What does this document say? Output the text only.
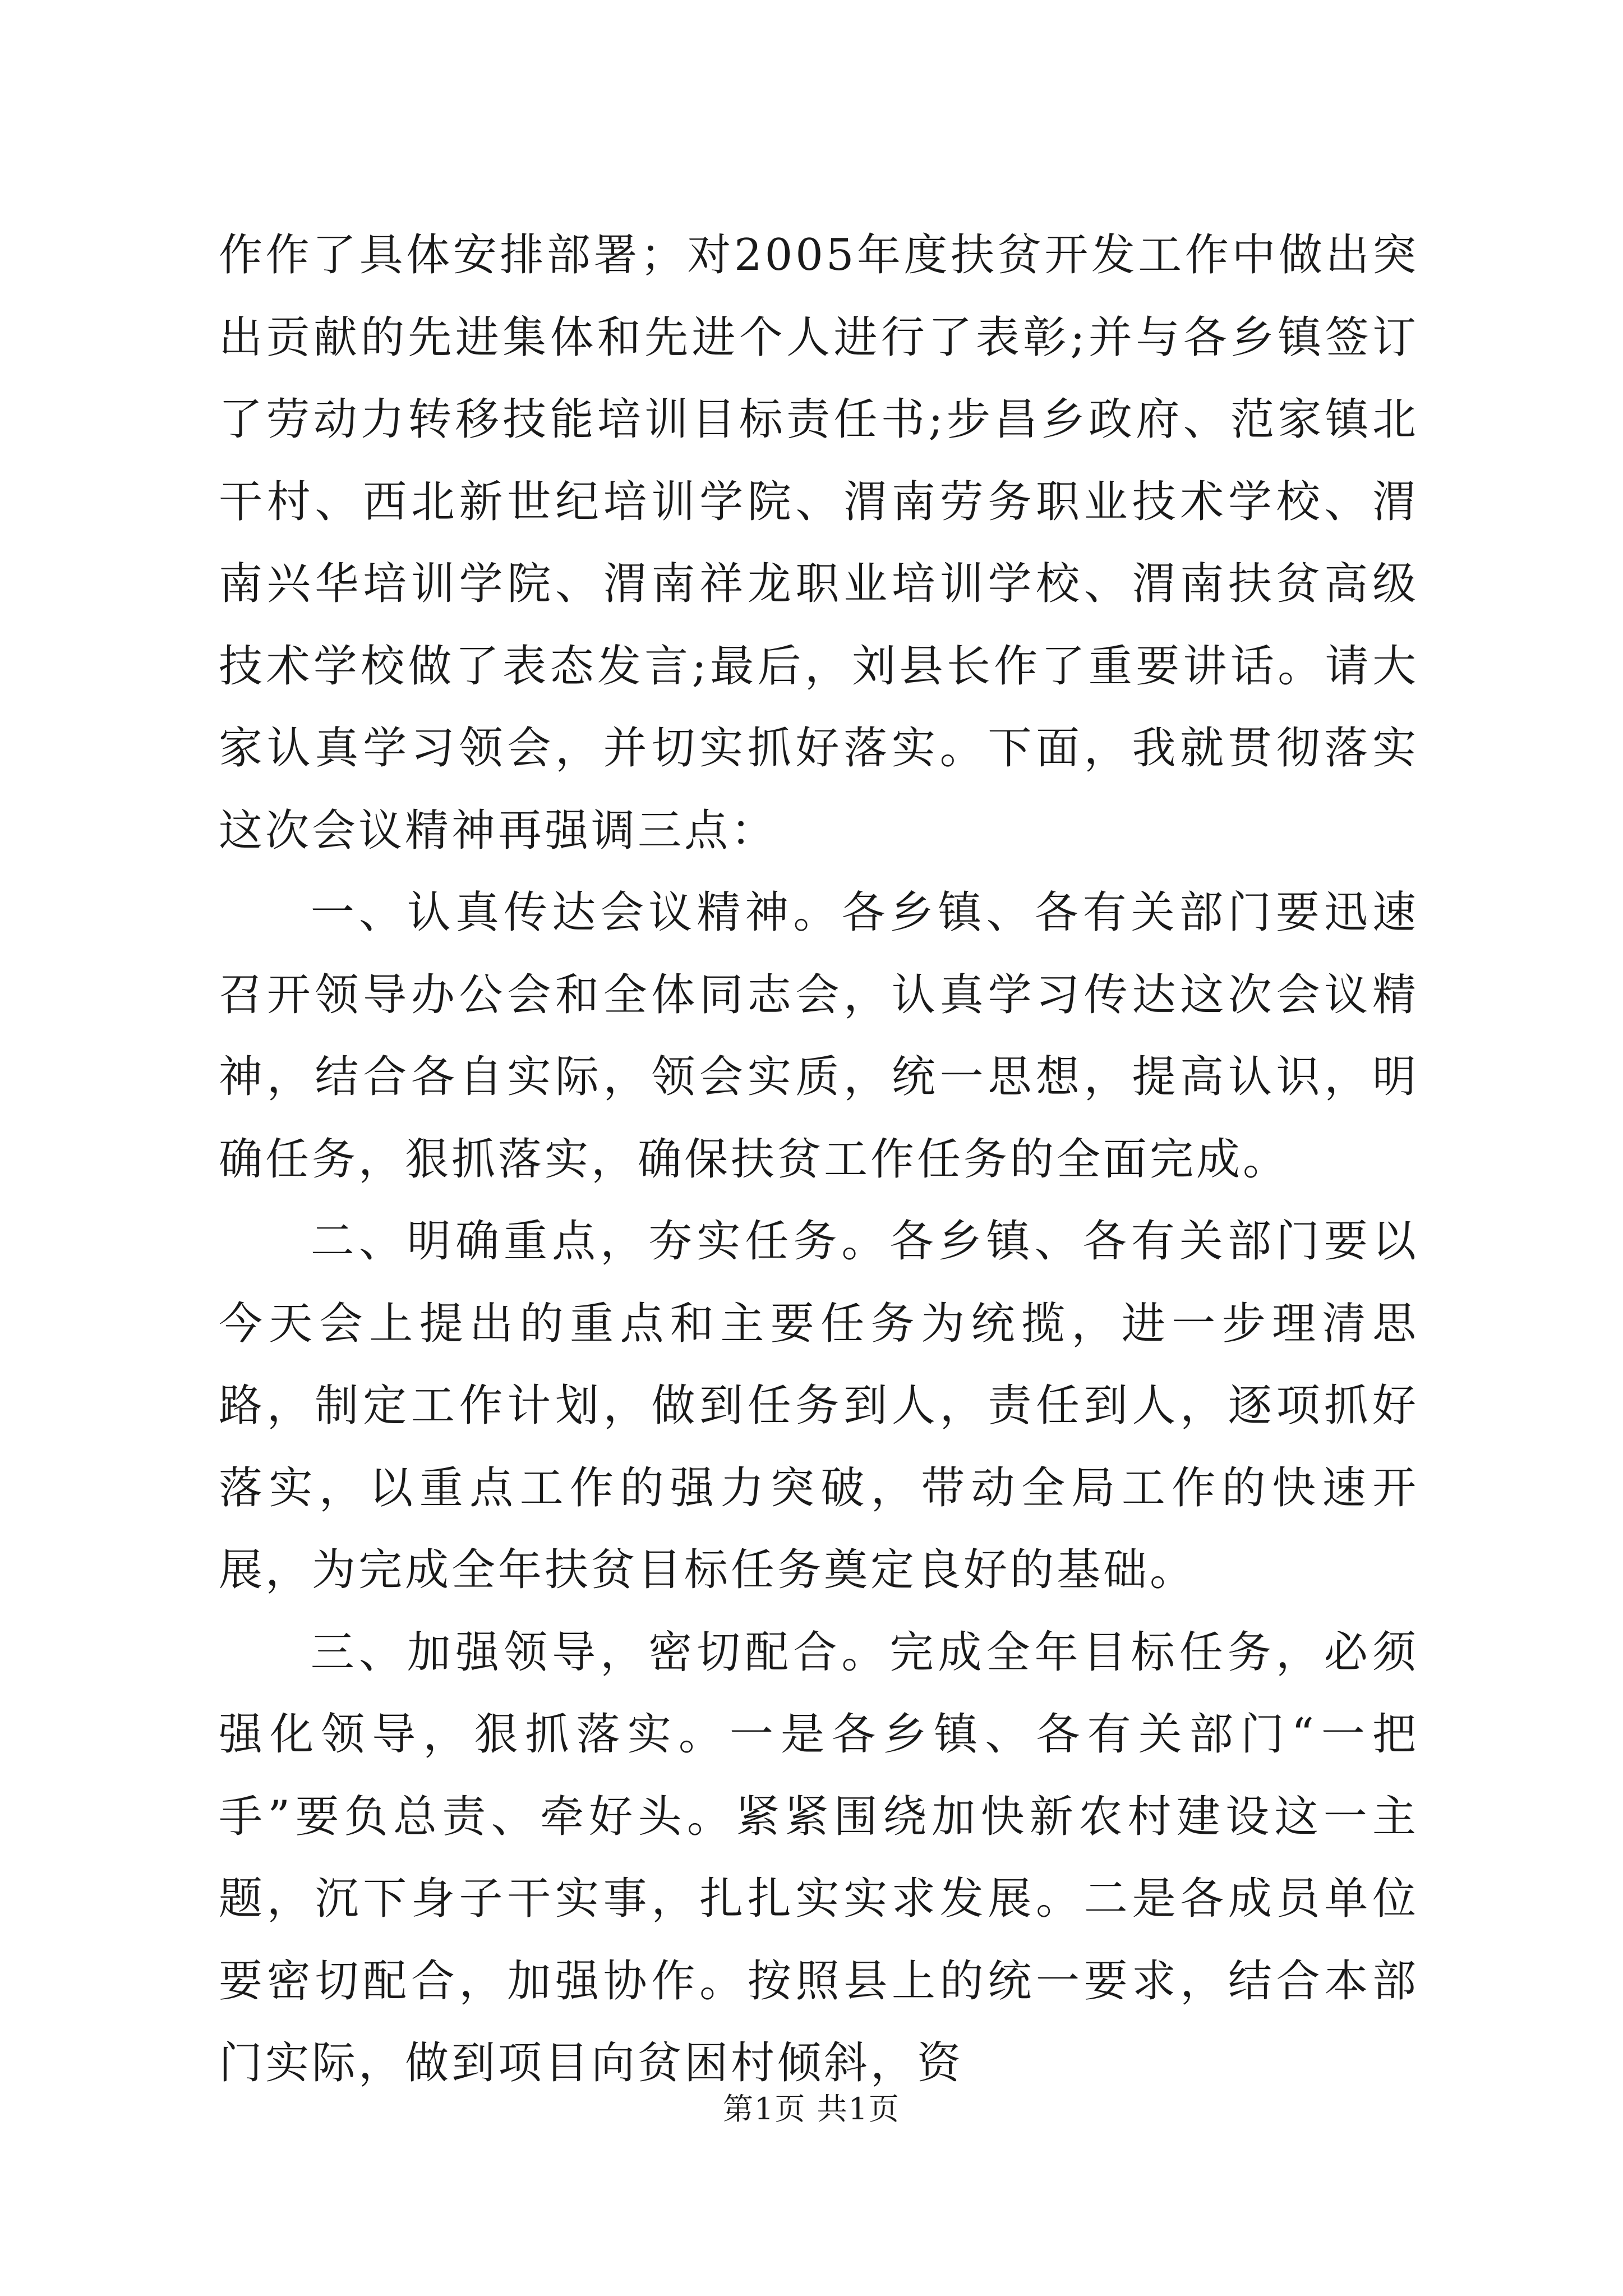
作作了具体安排部署；对2005年度扶贫开发工作中做出突出贡献的先进集体和先进个人进行了表彰;并与各乡镇签订了劳动力转移技能培训目标责任书;步昌乡政府、范家镇北干村、西北新世纪培训学院、渭南劳务职业技术学校、渭南兴华培训学院、渭南祥龙职业培训学校、渭南扶贫高级技术学校做了表态发言;最后，刘县长作了重要讲话。请大家认真学习领会，并切实抓好落实。下面，我就贯彻落实这次会议精神再强调三点：

一、认真传达会议精神。各乡镇、各有关部门要迅速召开领导办公会和全体同志会，认真学习传达这次会议精神，结合各自实际，领会实质，统一思想，提高认识，明确任务，狠抓落实，确保扶贫工作任务的全面完成。

二、明确重点，夯实任务。各乡镇、各有关部门要以今天会上提出的重点和主要任务为统揽，进一步理清思路，制定工作计划，做到任务到人，责任到人，逐项抓好落实，以重点工作的强力突破，带动全局工作的快速开展，为完成全年扶贫目标任务奠定良好的基础。

三、加强领导，密切配合。完成全年目标任务，必须强化领导，狠抓落实。一是各乡镇、各有关部门“一把手”要负总责、牵好头。紧紧围绕加快新农村建设这一主题，沉下身子干实事，扎扎实实求发展。二是各成员单位要密切配合，加强协作。按照县上的统一要求，结合本部门实际，做到项目向贫困村倾斜，资

第1页 共1页
